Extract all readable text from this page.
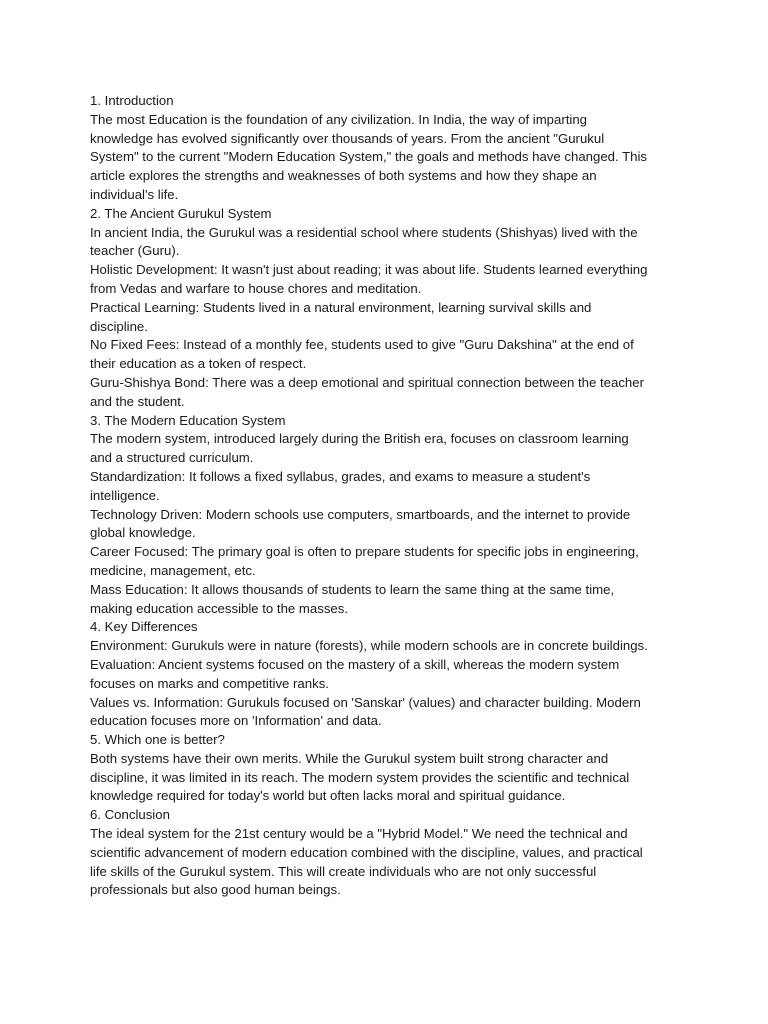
1. Introduction

The most Education is the foundation of any civilization. In India, the way of imparting

knowledge has evolved significantly over thousands of years. From the ancient "Gurukul

System" to the current "Modern Education System," the goals and methods have changed. This

article explores the strengths and weaknesses of both systems and how they shape an

individual's life.

2. The Ancient Gurukul System

In ancient India, the Gurukul was a residential school where students (Shishyas) lived with the

teacher (Guru).

Holistic Development: It wasn't just about reading; it was about life. Students learned everything

from Vedas and warfare to house chores and meditation.

Practical Learning: Students lived in a natural environment, learning survival skills and

discipline.

No Fixed Fees: Instead of a monthly fee, students used to give "Guru Dakshina" at the end of

their education as a token of respect.

Guru-Shishya Bond: There was a deep emotional and spiritual connection between the teacher

and the student.

3. The Modern Education System

The modern system, introduced largely during the British era, focuses on classroom learning

and a structured curriculum.

Standardization: It follows a fixed syllabus, grades, and exams to measure a student's

intelligence.

Technology Driven: Modern schools use computers, smartboards, and the internet to provide

global knowledge.

Career Focused: The primary goal is often to prepare students for specific jobs in engineering,

medicine, management, etc.

Mass Education: It allows thousands of students to learn the same thing at the same time,

making education accessible to the masses.

4. Key Differences

Environment: Gurukuls were in nature (forests), while modern schools are in concrete buildings.

Evaluation: Ancient systems focused on the mastery of a skill, whereas the modern system

focuses on marks and competitive ranks.

Values vs. Information: Gurukuls focused on 'Sanskar' (values) and character building. Modern

education focuses more on 'Information' and data.

5. Which one is better?

Both systems have their own merits. While the Gurukul system built strong character and

discipline, it was limited in its reach. The modern system provides the scientific and technical

knowledge required for today's world but often lacks moral and spiritual guidance.

6. Conclusion

The ideal system for the 21st century would be a "Hybrid Model." We need the technical and

scientific advancement of modern education combined with the discipline, values, and practical

life skills of the Gurukul system. This will create individuals who are not only successful

professionals but also good human beings.
